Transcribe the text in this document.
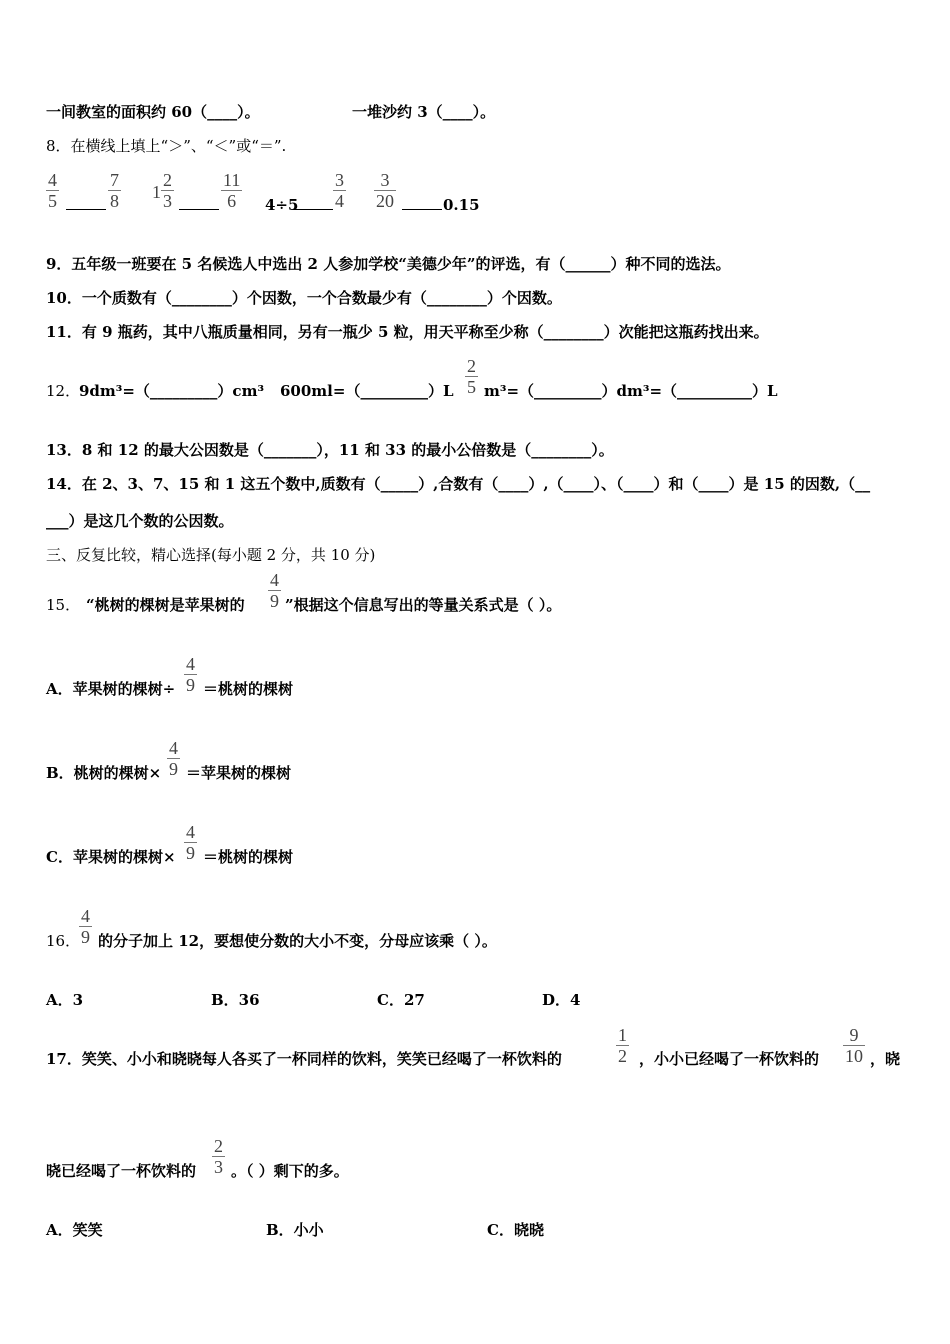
一间教室的面积约 60（____）。	一堆沙约 3（____）。
8．在横线上填上“＞”、“＜”或“＝”.
$\frac{4}{5}$	$\frac{7}{8} 1 \frac{2}{3}$	$\frac{11}{6} 4\div 5 \frac{3}{4} \frac{3}{20}$	0.15
9．五年级一班要在 5 名候选人中选出 2 人参加学校“美德少年”的评选，有（______）种不同的选法。
10．一个质数有（________）个因数，一个合数最少有（________）个因数。
11．有 9 瓶药，其中八瓶质量相同，另有一瓶少 5 粒，用天平称至少称（________）次能把这瓶药找出来。
12．
9dm³=（_________）cm³ 600ml=（_________）L $\frac{2}{5}$ m³=（_________）dm³=（__________）L
13．8 和 12 的最大公因数是（_______），11 和 33 的最小公倍数是（________）。
14．在 2、3、7、15 和 1 这五个数中,质数有（_____）,合数有（____）,（____）、（____）和（____）是 15 的因数,（__
___）是这几个数的公因数。
三、反复比较，精心选择(每小题 2 分，共 10 分)
15． “桃树的棵树是苹果树的 $\frac{4}{9}$ ”根据这个信息写出的等量关系式是（ ）。
A．苹果树的棵树÷ $\frac{4}{9}$ ＝桃树的棵树
B．桃树的棵树× $\frac{4}{9}$ ＝苹果树的棵树
C．苹果树的棵树× $\frac{4}{9}$ ＝桃树的棵树
16．
$\frac{4}{9}$ 的分子加上 12，要想使分数的大小不变，分母应该乘（ ）。
A．3	B．36	C．27	D．4
17．笑笑、小小和晓晓每人各买了一杯同样的饮料，笑笑已经喝了一杯饮料的	$\frac{1}{2}$ ，小小已经喝了一杯饮料的 $\frac{9}{10}$ ，晓
晓已经喝了一杯饮料的 $\frac{2}{3}$ 。（ ）剩下的多。
A．笑笑	B．小小	C．晓晓
